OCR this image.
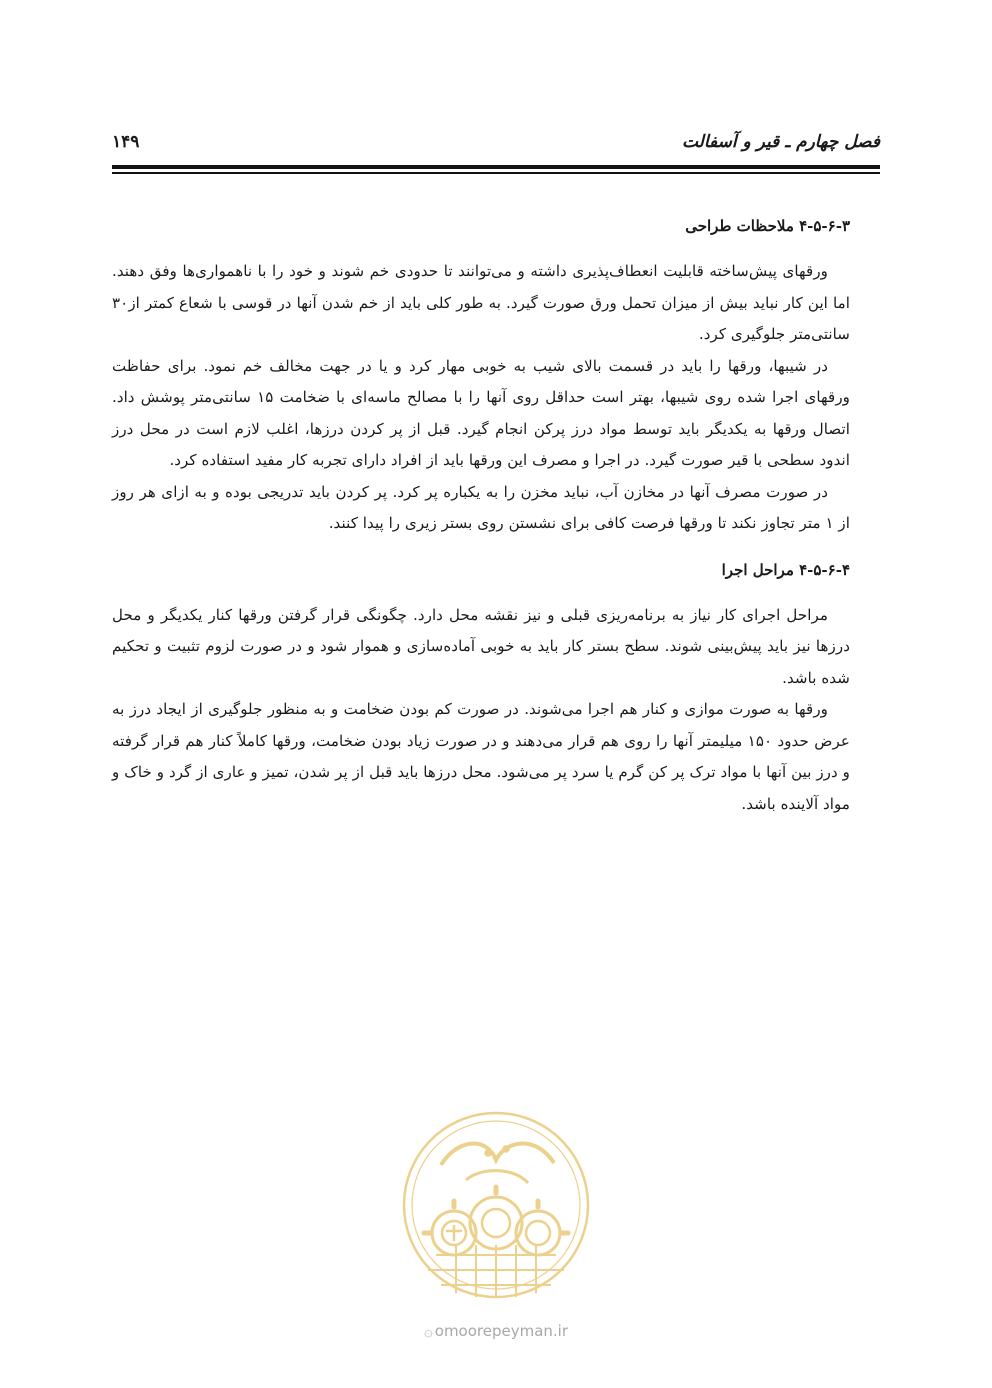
فصل چهارم ـ قیر و آسفالت
۱۴۹
۴-۵-۶-۳ ملاحظات طراحی

ورقهای پیش‌ساخته قابلیت انعطاف‌پذیری داشته و می‌توانند تا حدودی خم شوند و خود را با ناهمواری‌ها وفق دهند. اما این کار نباید بیش از میزان تحمل ورق صورت گیرد. به طور کلی باید از خم شدن آنها در قوسی با شعاع کمتر از۳۰ سانتی‌متر جلوگیری کرد.

در شیبها، ورقها را باید در قسمت بالای شیب به خوبی مهار کرد و یا در جهت مخالف خم نمود. برای حفاظت ورقهای اجرا شده روی شیبها، بهتر است حداقل روی آنها را با مصالح ماسه‌ای با ضخامت ۱۵ سانتی‌متر پوشش داد. اتصال ورقها به یکدیگر باید توسط مواد درز پرکن انجام گیرد. قبل از پر کردن درزها، اغلب لازم است در محل درز اندود سطحی با قیر صورت گیرد. در اجرا و مصرف این ورقها باید از افراد دارای تجربه کار مفید استفاده کرد.

در صورت مصرف آنها در مخازن آب، نباید مخزن را به یکباره پر کرد. پر کردن باید تدریجی بوده و به ازای هر روز از ۱ متر تجاوز نکند تا ورقها فرصت کافی برای نشستن روی بستر زیری را پیدا کنند.

۴-۵-۶-۴ مراحل اجرا

مراحل اجرای کار نیاز به برنامه‌ریزی قبلی و نیز نقشه محل دارد. چگونگی قرار گرفتن ورقها کنار یکدیگر و محل درزها نیز باید پیش‌بینی شوند. سطح بستر کار باید به خوبی آماده‌سازی و هموار شود و در صورت لزوم تثبیت و تحکیم شده باشد.

ورقها به صورت موازی و کنار هم اجرا می‌شوند. در صورت کم بودن ضخامت و به منظور جلوگیری از ایجاد درز به عرض حدود ۱۵۰ میلیمتر آنها را روی هم قرار می‌دهند و در صورت زیاد بودن ضخامت، ورقها کاملاً کنار هم قرار گرفته و درز بین آنها با مواد ترک پر کن گرم یا سرد پر می‌شود. محل درزها باید قبل از پر شدن، تمیز و عاری از گرد و خاک و مواد آلاینده باشد.

۞ omoorepeyman.ir
